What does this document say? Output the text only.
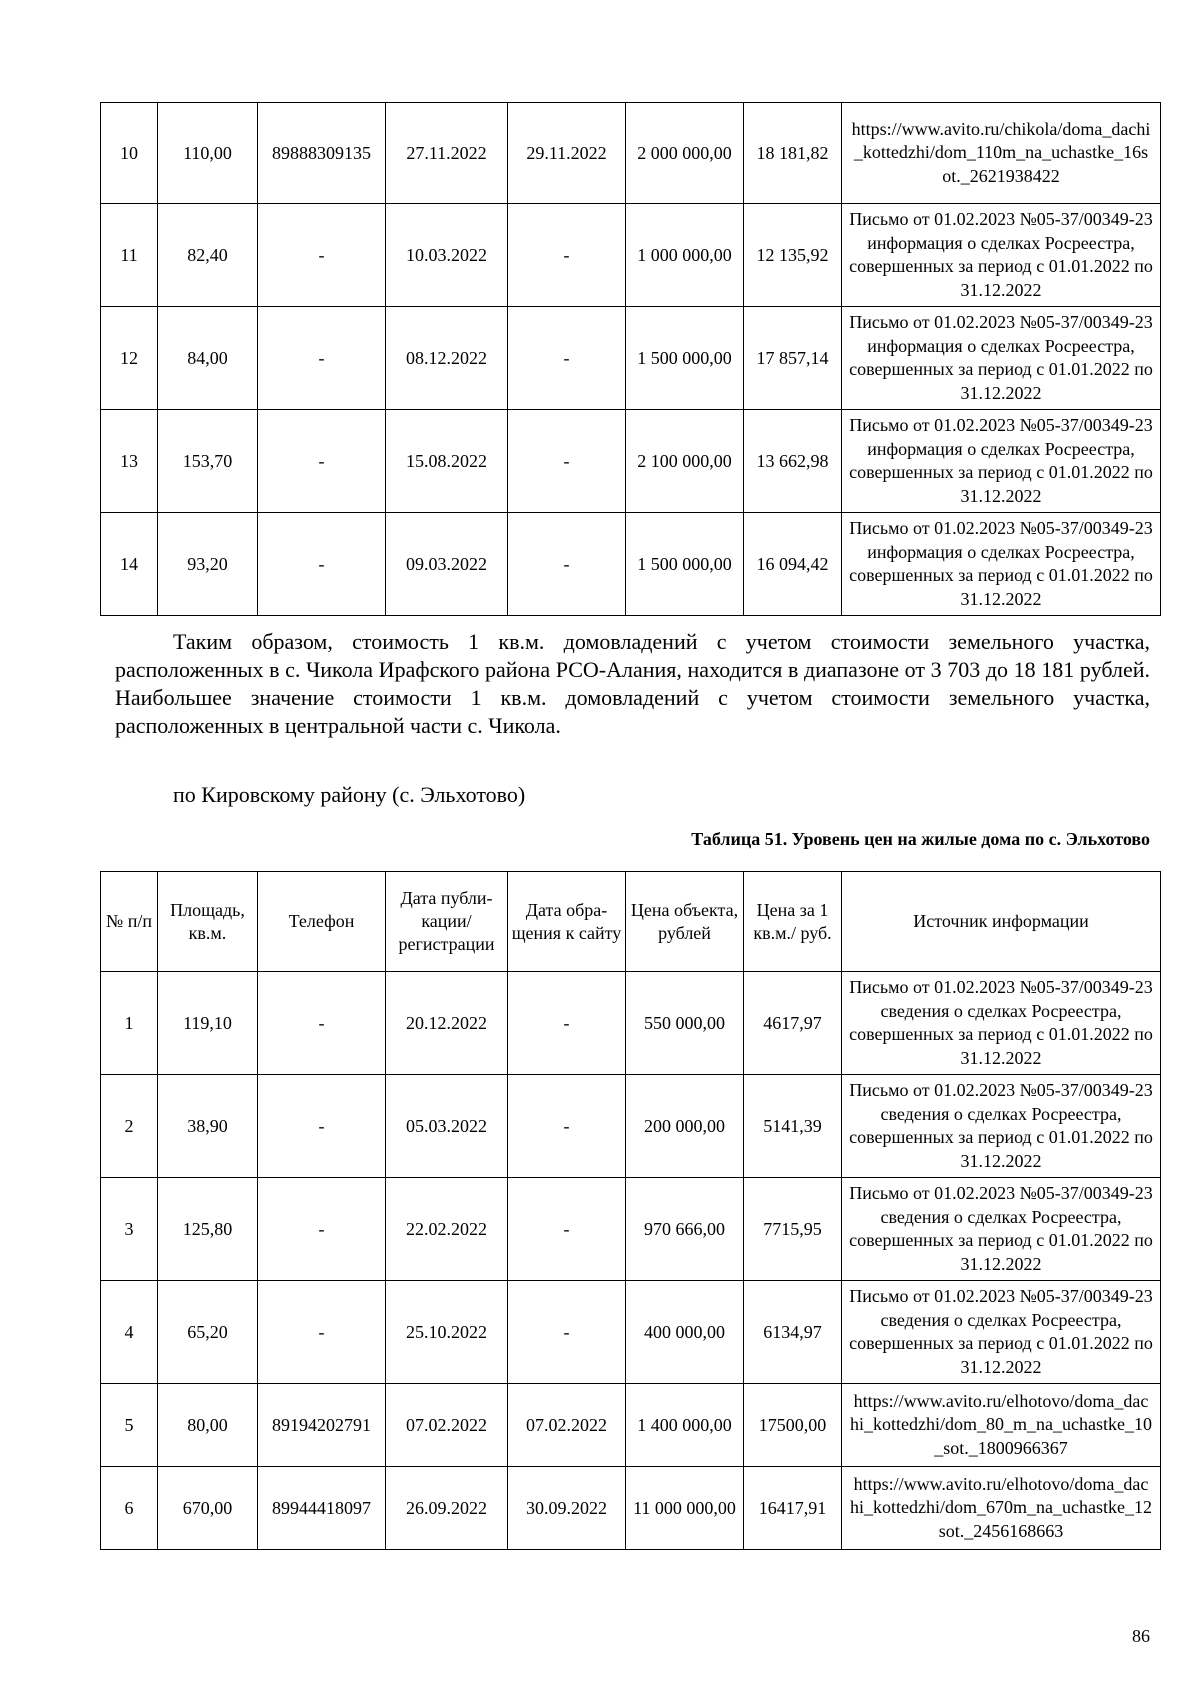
10	110,00	89888309135	27.11.2022	29.11.2022	2 000 000,00	18 181,82	https://www.avito.ru/chikola/doma_dachi_kottedzhi/dom_110m_na_uchastke_16sot._2621938422
11	82,40	-	10.03.2022	-	1 000 000,00	12 135,92	Письмо от 01.02.2023 №05-37/00349-23 информация о сделках Росреестра, совершенных за период с 01.01.2022 по 31.12.2022
12	84,00	-	08.12.2022	-	1 500 000,00	17 857,14	Письмо от 01.02.2023 №05-37/00349-23 информация о сделках Росреестра, совершенных за период с 01.01.2022 по 31.12.2022
13	153,70	-	15.08.2022	-	2 100 000,00	13 662,98	Письмо от 01.02.2023 №05-37/00349-23 информация о сделках Росреестра, совершенных за период с 01.01.2022 по 31.12.2022
14	93,20	-	09.03.2022	-	1 500 000,00	16 094,42	Письмо от 01.02.2023 №05-37/00349-23 информация о сделках Росреестра, совершенных за период с 01.01.2022 по 31.12.2022

Таким образом, стоимость 1 кв.м. домовладений с учетом стоимости земельного участка, расположенных в с. Чикола Ирафского района РСО-Алания, находится в диапазоне от 3 703 до 18 181 рублей. Наибольшее значение стоимости 1 кв.м. домовладений с учетом стоимости земельного участка, расположенных в центральной части с. Чикола.

по Кировскому району (с. Эльхотово)
Таблица 51. Уровень цен на жилые дома по с. Эльхотово
№ п/п	Площадь, кв.м.	Телефон	Дата публи-кации/ регистрации	Дата обра-щения к сайту	Цена объекта, рублей	Цена за 1 кв.м./ руб.	Источник информации
1	119,10	-	20.12.2022	-	550 000,00	4617,97	Письмо от 01.02.2023 №05-37/00349-23 сведения о сделках Росреестра, совершенных за период с 01.01.2022 по 31.12.2022
2	38,90	-	05.03.2022	-	200 000,00	5141,39	Письмо от 01.02.2023 №05-37/00349-23 сведения о сделках Росреестра, совершенных за период с 01.01.2022 по 31.12.2022
3	125,80	-	22.02.2022	-	970 666,00	7715,95	Письмо от 01.02.2023 №05-37/00349-23 сведения о сделках Росреестра, совершенных за период с 01.01.2022 по 31.12.2022
4	65,20	-	25.10.2022	-	400 000,00	6134,97	Письмо от 01.02.2023 №05-37/00349-23 сведения о сделках Росреестра, совершенных за период с 01.01.2022 по 31.12.2022
5	80,00	89194202791	07.02.2022	07.02.2022	1 400 000,00	17500,00	https://www.avito.ru/elhotovo/doma_dachi_kottedzhi/dom_80_m_na_uchastke_10_sot._1800966367
6	670,00	89944418097	26.09.2022	30.09.2022	11 000 000,00	16417,91	https://www.avito.ru/elhotovo/doma_dachi_kottedzhi/dom_670m_na_uchastke_12sot._2456168663
86
